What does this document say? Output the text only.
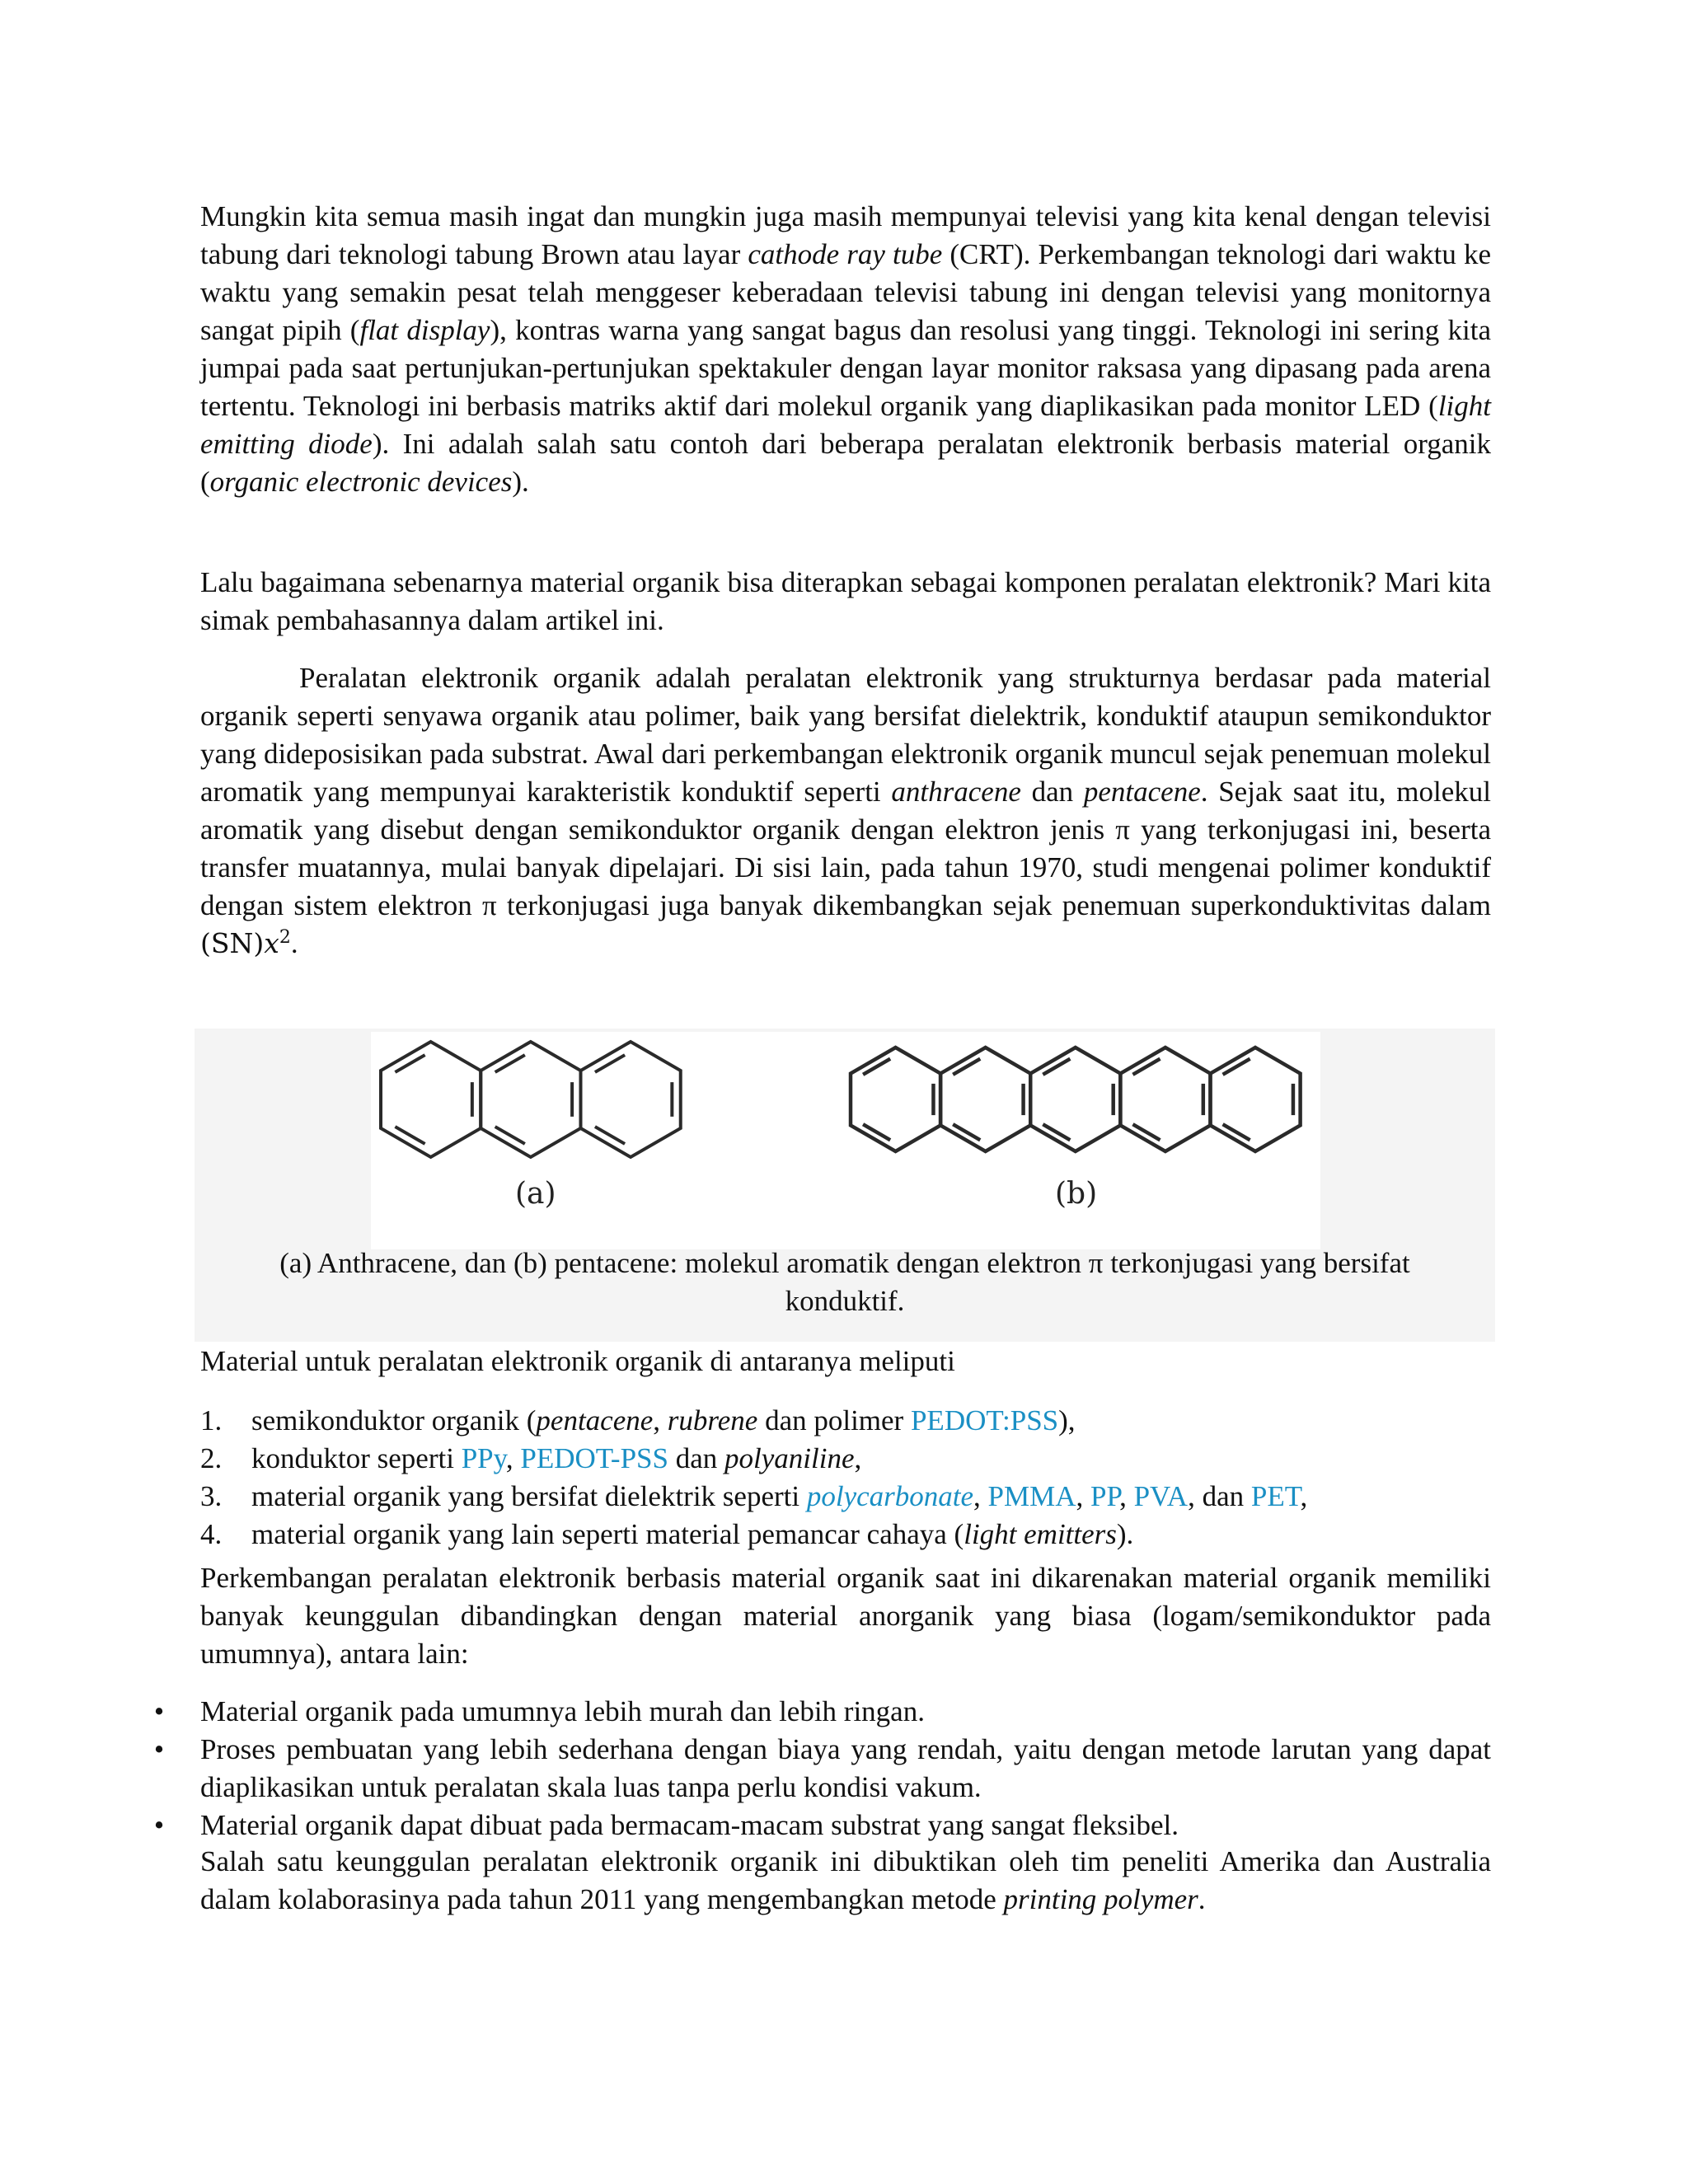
Mungkin kita semua masih ingat dan mungkin juga masih mempunyai televisi yang kita kenal dengan televisi tabung dari teknologi tabung Brown atau layar cathode ray tube (CRT). Perkembangan teknologi dari waktu ke waktu yang semakin pesat telah menggeser keberadaan televisi tabung ini dengan televisi yang monitornya sangat pipih (flat display), kontras warna yang sangat bagus dan resolusi yang tinggi. Teknologi ini sering kita jumpai pada saat pertunjukan-pertunjukan spektakuler dengan layar monitor raksasa yang dipasang pada arena tertentu. Teknologi ini berbasis matriks aktif dari molekul organik yang diaplikasikan pada monitor LED (light emitting diode). Ini adalah salah satu contoh dari beberapa peralatan elektronik berbasis material organik (organic electronic devices).

Lalu bagaimana sebenarnya material organik bisa diterapkan sebagai komponen peralatan elektronik? Mari kita simak pembahasannya dalam artikel ini.

Peralatan elektronik organik adalah peralatan elektronik yang strukturnya berdasar pada material organik seperti senyawa organik atau polimer, baik yang bersifat dielektrik, konduktif ataupun semikonduktor yang dideposisikan pada substrat. Awal dari perkembangan elektronik organik muncul sejak penemuan molekul aromatik yang mempunyai karakteristik konduktif seperti anthracene dan pentacene. Sejak saat itu, molekul aromatik yang disebut dengan semikonduktor organik dengan elektron jenis π yang terkonjugasi ini, beserta transfer muatannya, mulai banyak dipelajari. Di sisi lain, pada tahun 1970, studi mengenai polimer konduktif dengan sistem elektron π terkonjugasi juga banyak dikembangkan sejak penemuan superkonduktivitas dalam $(SN)x^2$.

(a)	(b)
(a) Anthracene, dan (b) pentacene: molekul aromatik dengan elektron π terkonjugasi yang bersifat konduktif.

Material untuk peralatan elektronik organik di antaranya meliputi

1. semikonduktor organik (pentacene, rubrene dan polimer PEDOT:PSS),
2. konduktor seperti PPy, PEDOT-PSS dan polyaniline,
3. material organik yang bersifat dielektrik seperti polycarbonate, PMMA, PP, PVA, dan PET,
4. material organik yang lain seperti material pemancar cahaya (light emitters).

Perkembangan peralatan elektronik berbasis material organik saat ini dikarenakan material organik memiliki banyak keunggulan dibandingkan dengan material anorganik yang biasa (logam/semikonduktor pada umumnya), antara lain:

• Material organik pada umumnya lebih murah dan lebih ringan.
• Proses pembuatan yang lebih sederhana dengan biaya yang rendah, yaitu dengan metode larutan yang dapat diaplikasikan untuk peralatan skala luas tanpa perlu kondisi vakum.
• Material organik dapat dibuat pada bermacam-macam substrat yang sangat fleksibel.

Salah satu keunggulan peralatan elektronik organik ini dibuktikan oleh tim peneliti Amerika dan Australia dalam kolaborasinya pada tahun 2011 yang mengembangkan metode printing polymer.
